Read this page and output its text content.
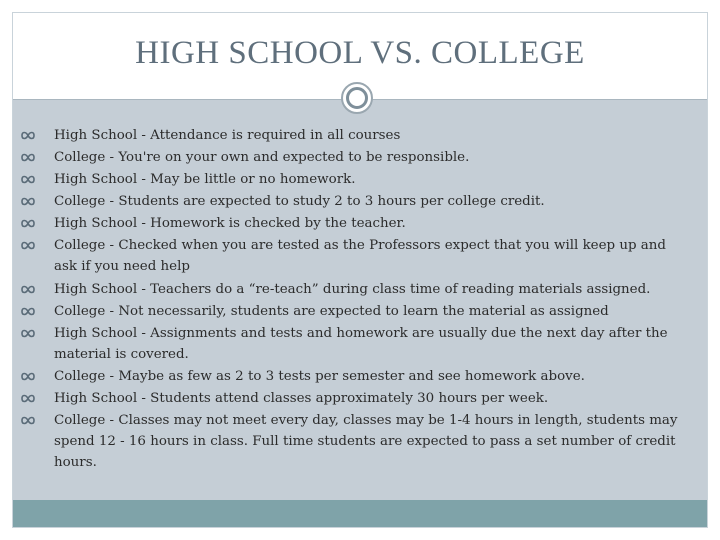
HIGH SCHOOL VS. COLLEGE
High School - Attendance is required in all courses
College - You're on your own and expected to be responsible.
High School - May be little or no homework.
College - Students are expected to study 2 to 3 hours per college credit.
High School - Homework is checked by the teacher.
College - Checked when you are tested as the Professors expect that you will keep up and ask if you need help
High School - Teachers do a “re-teach” during class time of reading materials assigned.
College - Not necessarily, students are expected to learn the material as assigned
High School - Assignments and tests and homework are usually due the next day after the material is covered.
College - Maybe as few as 2 to 3 tests per semester and see homework above.
High School - Students attend classes approximately 30 hours per week.
College - Classes may not meet every day, classes may be 1-4 hours in length, students may spend 12 - 16 hours in class. Full time students are expected to pass a set number of credit hours.
